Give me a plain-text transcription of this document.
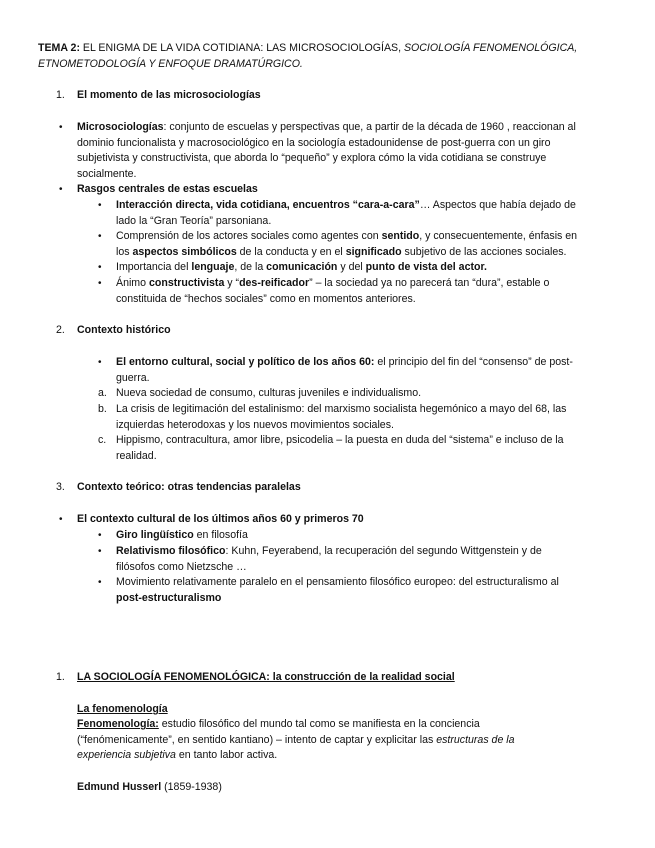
TEMA 2: EL ENIGMA DE LA VIDA COTIDIANA: LAS MICROSOCIOLOGÍAS, SOCIOLOGÍA FENOMENOLÓGICA,
ETNOMETODOLOGÍA Y ENFOQUE DRAMATÚRGICO.
1. El momento de las microsociologías
• Microsociologías: conjunto de escuelas y perspectivas que, a partir de la década de 1960 , reaccionan al
dominio funcionalista y macrosociológico en la sociología estadounidense de post-guerra con un giro
subjetivista y constructivista, que aborda lo “pequeño” y explora cómo la vida cotidiana se construye
socialmente.
• Rasgos centrales de estas escuelas
• Interacción directa, vida cotidiana, encuentros “cara-a-cara”… Aspectos que había dejado de
lado la “Gran Teoría” parsoniana.
• Comprensión de los actores sociales como agentes con sentido, y consecuentemente, énfasis en
los aspectos simbólicos de la conducta y en el significado subjetivo de las acciones sociales.
• Importancia del lenguaje, de la comunicación y del punto de vista del actor.
• Ánimo constructivista y “des-reificador” – la sociedad ya no parecerá tan “dura”, estable o
constituida de “hechos sociales” como en momentos anteriores.
2. Contexto histórico
• El entorno cultural, social y político de los años 60: el principio del fin del “consenso” de post-
guerra.
a. Nueva sociedad de consumo, culturas juveniles e individualismo.
b. La crisis de legitimación del estalinismo: del marxismo socialista hegemónico a mayo del 68, las
izquierdas heterodoxas y los nuevos movimientos sociales.
c. Hippismo, contracultura, amor libre, psicodelia – la puesta en duda del “sistema” e incluso de la
realidad.
3. Contexto teórico: otras tendencias paralelas
• El contexto cultural de los últimos años 60 y primeros 70
• Giro lingüístico en filosofía
• Relativismo filosófico: Kuhn, Feyerabend, la recuperación del segundo Wittgenstein y de
filósofos como Nietzsche …
• Movimiento relativamente paralelo en el pensamiento filosófico europeo: del estructuralismo al
post-estructuralismo
1. LA SOCIOLOGÍA FENOMENOLÓGICA: la construcción de la realidad social
La fenomenología
Fenomenología: estudio filosófico del mundo tal como se manifiesta en la conciencia
(“fenómenicamente”, en sentido kantiano) – intento de captar y explicitar las estructuras de la
experiencia subjetiva en tanto labor activa.
Edmund Husserl (1859-1938)
